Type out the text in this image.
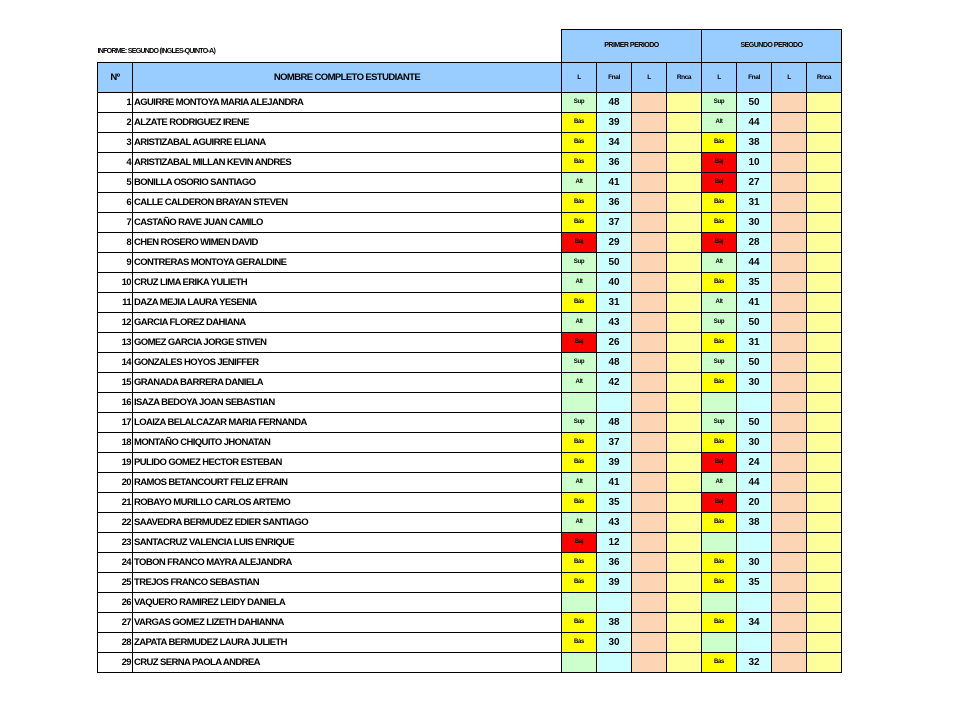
INFORME: SEGUNDO (INGLES-QUINTO-A)		PRIMER PERIODO				SEGUNDO PERIODO			
Nº	NOMBRE COMPLETO ESTUDIANTE	L	Fnal	L	Rnca	L	Fnal	L	Rnca
1	AGUIRRE MONTOYA MARIA ALEJANDRA	Sup	48			Sup	50		
2	ALZATE RODRIGUEZ IRENE	Bás	39			Alt	44		
3	ARISTIZABAL AGUIRRE ELIANA	Bás	34			Bás	38		
4	ARISTIZABAL MILLAN KEVIN ANDRES	Bás	36			Baj	10		
5	BONILLA OSORIO SANTIAGO	Alt	41			Baj	27		
6	CALLE CALDERON BRAYAN STEVEN	Bás	36			Bás	31		
7	CASTAÑO RAVE JUAN CAMILO	Bás	37			Bás	30		
8	CHEN ROSERO WIMEN DAVID	Baj	29			Baj	28		
9	CONTRERAS MONTOYA GERALDINE	Sup	50			Alt	44		
10	CRUZ LIMA ERIKA YULIETH	Alt	40			Bás	35		
11	DAZA MEJIA LAURA YESENIA	Bás	31			Alt	41		
12	GARCIA FLOREZ DAHIANA	Alt	43			Sup	50		
13	GOMEZ GARCIA JORGE STIVEN	Baj	26			Bás	31		
14	GONZALES HOYOS JENIFFER	Sup	48			Sup	50		
15	GRANADA BARRERA DANIELA	Alt	42			Bás	30		
16	ISAZA BEDOYA JOAN SEBASTIAN								
17	LOAIZA BELALCAZAR MARIA FERNANDA	Sup	48			Sup	50		
18	MONTAÑO CHIQUITO JHONATAN	Bás	37			Bás	30		
19	PULIDO GOMEZ HECTOR ESTEBAN	Bás	39			Baj	24		
20	RAMOS BETANCOURT FELIZ EFRAIN	Alt	41			Alt	44		
21	ROBAYO MURILLO CARLOS ARTEMO	Bás	35			Baj	20		
22	SAAVEDRA BERMUDEZ EDIER SANTIAGO	Alt	43			Bás	38		
23	SANTACRUZ VALENCIA LUIS ENRIQUE	Baj	12						
24	TOBON FRANCO MAYRA ALEJANDRA	Bás	36			Bás	30		
25	TREJOS FRANCO SEBASTIAN	Bás	39			Bás	35		
26	VAQUERO RAMIREZ LEIDY DANIELA								
27	VARGAS GOMEZ LIZETH DAHIANNA	Bás	38			Bás	34		
28	ZAPATA BERMUDEZ LAURA JULIETH	Bás	30						
29	CRUZ SERNA PAOLA ANDREA					Bás	32		
